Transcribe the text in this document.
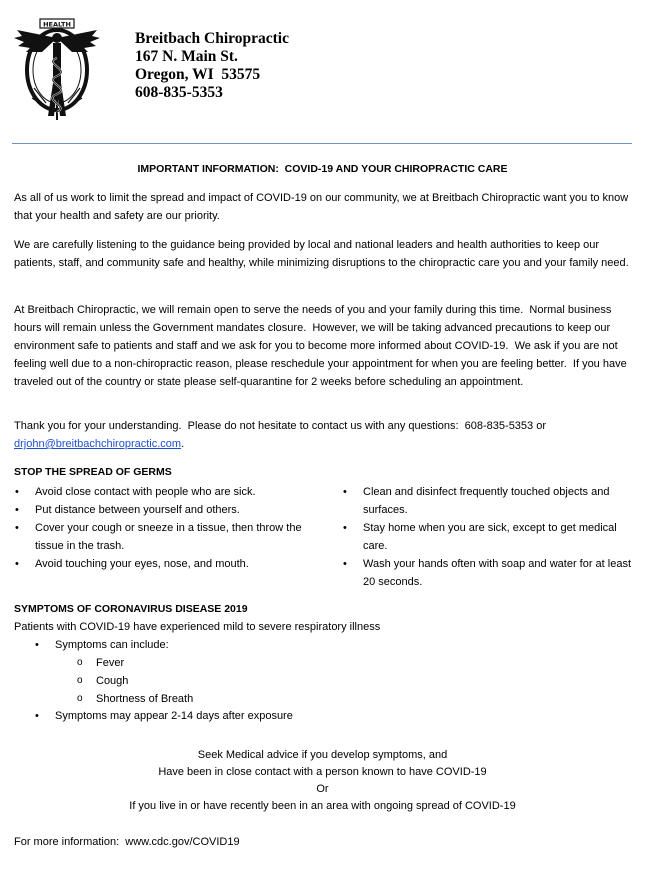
HEALTH
Breitbach Chiropractic
167 N. Main St.
Oregon, WI  53575
608-835-5353
IMPORTANT INFORMATION:  COVID-19 AND YOUR CHIROPRACTIC CARE
As all of us work to limit the spread and impact of COVID-19 on our community, we at Breitbach Chiropractic want you to know that your health and safety are our priority.
We are carefully listening to the guidance being provided by local and national leaders and health authorities to keep our patients, staff, and community safe and healthy, while minimizing disruptions to the chiropractic care you and your family need.
At Breitbach Chiropractic, we will remain open to serve the needs of you and your family during this time.  Normal business hours will remain unless the Government mandates closure.  However, we will be taking advanced precautions to keep our environment safe to patients and staff and we ask for you to become more informed about COVID-19.  We ask if you are not feeling well due to a non-chiropractic reason, please reschedule your appointment for when you are feeling better.  If you have traveled out of the country or state please self-quarantine for 2 weeks before scheduling an appointment.
Thank you for your understanding.  Please do not hesitate to contact us with any questions:  608-835-5353 or drjohn@breitbachchiropractic.com.
STOP THE SPREAD OF GERMS
• Avoid close contact with people who are sick.
• Put distance between yourself and others.
• Cover your cough or sneeze in a tissue, then throw the tissue in the trash.
• Avoid touching your eyes, nose, and mouth.
• Clean and disinfect frequently touched objects and surfaces.
• Stay home when you are sick, except to get medical care.
• Wash your hands often with soap and water for at least 20 seconds.
SYMPTOMS OF CORONAVIRUS DISEASE 2019
Patients with COVID-19 have experienced mild to severe respiratory illness
• Symptoms can include:
o Fever
o Cough
o Shortness of Breath
• Symptoms may appear 2-14 days after exposure
Seek Medical advice if you develop symptoms, and
Have been in close contact with a person known to have COVID-19
Or
If you live in or have recently been in an area with ongoing spread of COVID-19
For more information:  www.cdc.gov/COVID19
